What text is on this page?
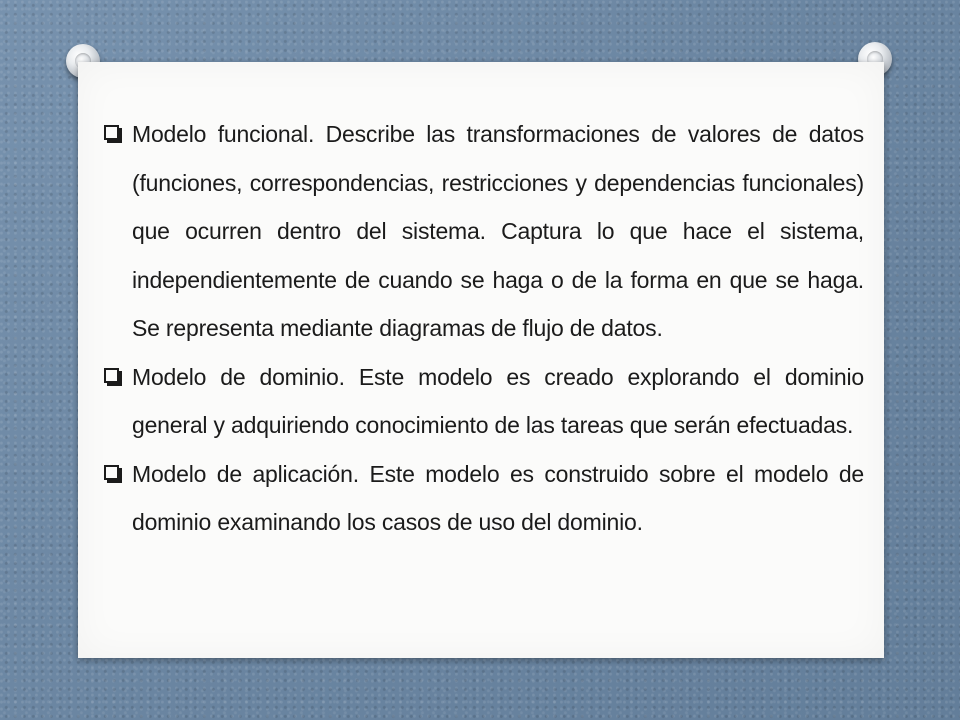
Modelo funcional. Describe las transformaciones de valores de datos (funciones, correspondencias, restricciones y dependencias funcionales) que ocurren dentro del sistema. Captura lo que hace el sistema, independientemente de cuando se haga o de la forma en que se haga. Se representa mediante diagramas de flujo de datos.
Modelo de dominio. Este modelo es creado explorando el dominio general y adquiriendo conocimiento de las tareas que serán efectuadas.
Modelo de aplicación. Este modelo es construido sobre el modelo de dominio examinando los casos de uso del dominio.
